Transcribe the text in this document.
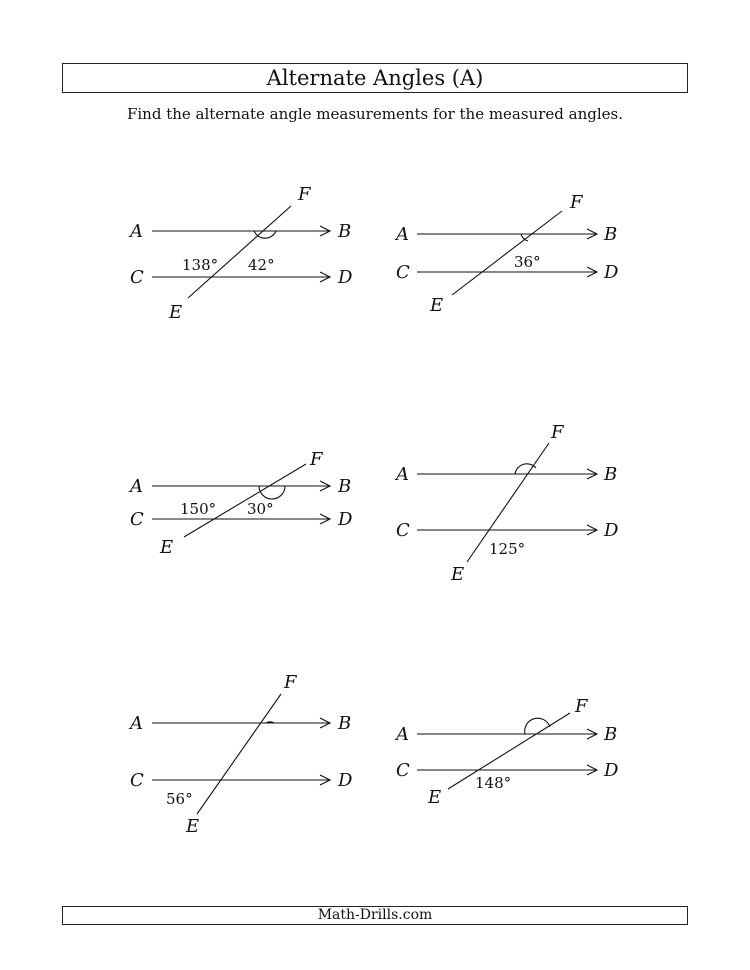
Alternate Angles (A)
Find the alternate angle measurements for the measured angles.
A	B
C	D
E
F
138° 42°
A	B
C	D
E
F
36°
A	B
C	D
E
F
150° 30°
A	B
C	D
E
F
125°
A	B
C	D
E
F
56°
A	B
C	D
E
F
148°
Math-Drills.com
